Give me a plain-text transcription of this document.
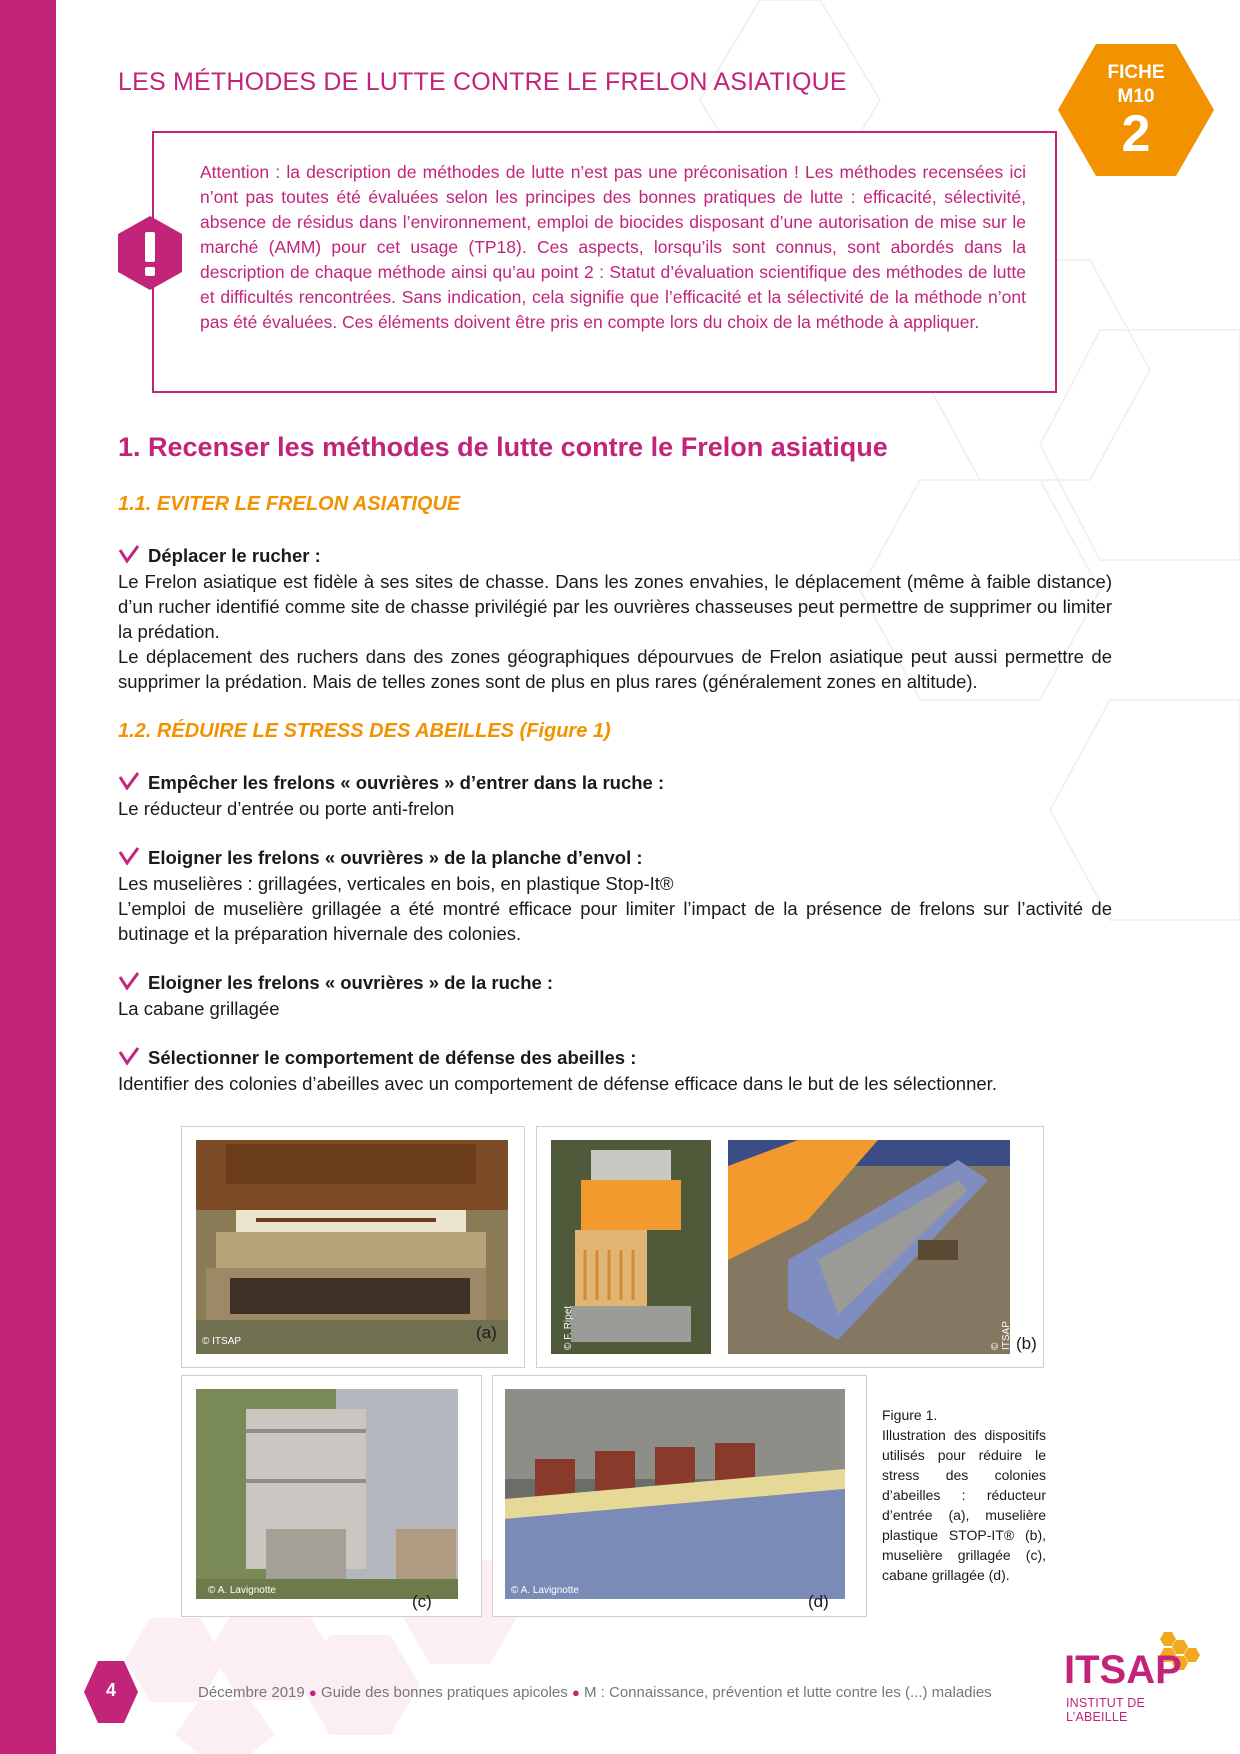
LES MÉTHODES DE LUTTE CONTRE LE FRELON ASIATIQUE	FICHE
M10
2
Attention : la description de méthodes de lutte n’est pas une préconisation ! Les méthodes recensées ici n’ont pas toutes été évaluées selon les principes des bonnes pratiques de lutte : efficacité, sélectivité, absence de résidus dans l’environnement, emploi de biocides disposant d’une autorisation de mise sur le marché (AMM) pour cet usage (TP18). Ces aspects, lorsqu’ils sont connus, sont abordés dans la description de chaque méthode ainsi qu’au point 2 : Statut d’évaluation scientifique des méthodes de lutte et difficultés rencontrées. Sans indication, cela signifie que l’efficacité et la sélectivité de la méthode n’ont pas été évaluées. Ces éléments doivent être pris en compte lors du choix de la méthode à appliquer.
1. Recenser les méthodes de lutte contre le Frelon asiatique
1.1. EVITER LE FRELON ASIATIQUE
Déplacer le rucher :
Le Frelon asiatique est fidèle à ses sites de chasse. Dans les zones envahies, le déplacement (même à faible distance) d’un rucher identifié comme site de chasse privilégié par les ouvrières chasseuses peut permettre de supprimer ou limiter la prédation.
Le déplacement des ruchers dans des zones géographiques dépourvues de Frelon asiatique peut aussi permettre de supprimer la prédation. Mais de telles zones sont de plus en plus rares (généralement zones en altitude).
1.2. RÉDUIRE LE STRESS DES ABEILLES (Figure 1)
Empêcher les frelons « ouvrières » d’entrer dans la ruche :
Le réducteur d’entrée ou porte anti-frelon
Eloigner les frelons « ouvrières » de la planche d’envol :
Les muselières : grillagées, verticales en bois, en plastique Stop-It®
L’emploi de muselière grillagée a été montré efficace pour limiter l’impact de la présence de frelons sur l’activité de butinage et la préparation hivernale des colonies.
Eloigner les frelons « ouvrières » de la ruche :
La cabane grillagée
Sélectionner le comportement de défense des abeilles :
Identifier des colonies d’abeilles avec un comportement de défense efficace dans le but de les sélectionner.
© ITSAP	(a)	© F. Ripet	© ITSAP (b)
© A. Lavignotte
(c)
© A. Lavignotte
(d)
Figure 1.
Illustration des dispositifs utilisés pour réduire le stress des colonies d’abeilles : réducteur d’entrée (a), muselière plastique STOP-IT® (b), muselière grillagée (c), cabane grillagée (d).
4	Décembre 2019 ● Guide des bonnes pratiques apicoles ● M : Connaissance, prévention et lutte contre les (...) maladies
ITSAP
INSTITUT DE L’ABEILLE
